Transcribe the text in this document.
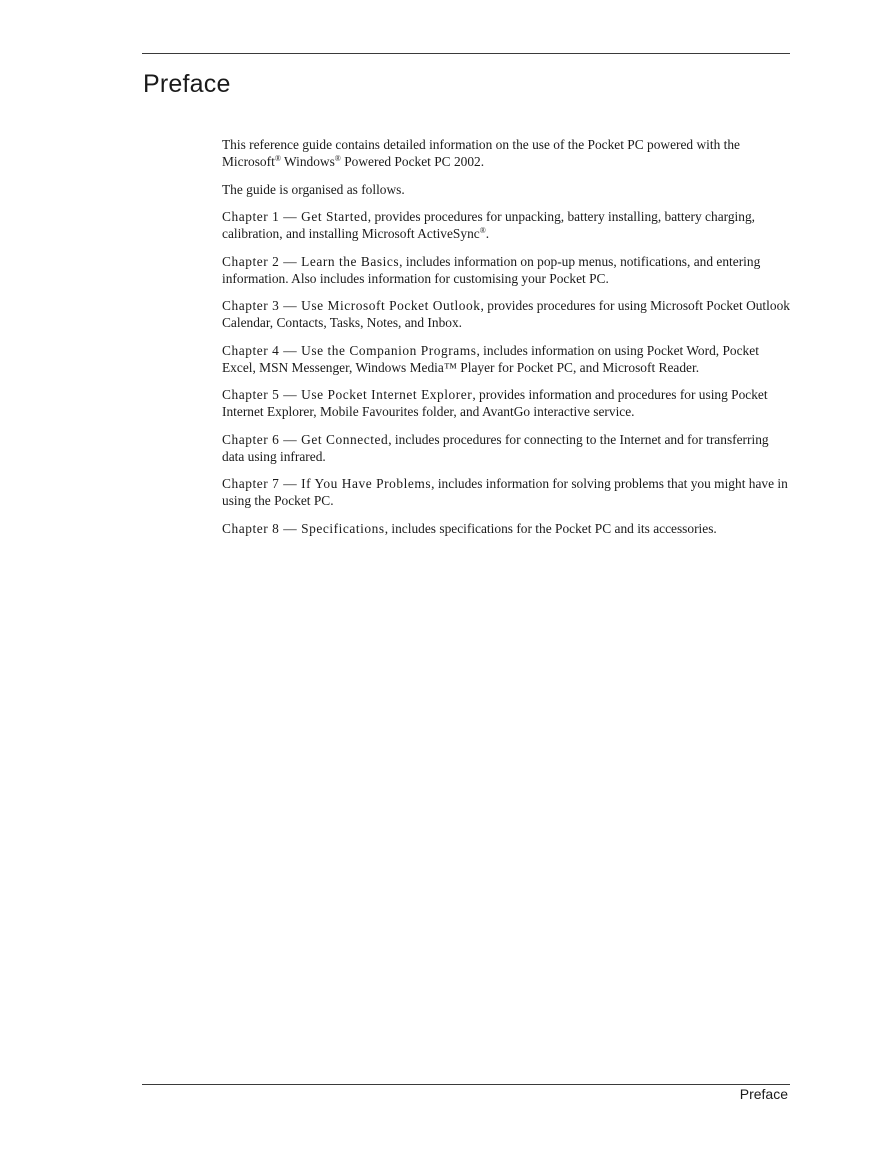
Preface

This reference guide contains detailed information on the use of the Pocket PC powered with the Microsoft® Windows® Powered Pocket PC 2002.

The guide is organised as follows.

Chapter 1 — Get Started, provides procedures for unpacking, battery installing, battery charging, calibration, and installing Microsoft ActiveSync®.

Chapter 2 — Learn the Basics, includes information on pop-up menus, notifications, and entering information. Also includes information for customising your Pocket PC.

Chapter 3 — Use Microsoft Pocket Outlook, provides procedures for using Microsoft Pocket Outlook Calendar, Contacts, Tasks, Notes, and Inbox.

Chapter 4 — Use the Companion Programs, includes information on using Pocket Word, Pocket Excel, MSN Messenger, Windows Media™ Player for Pocket PC, and Microsoft Reader.

Chapter 5 — Use Pocket Internet Explorer, provides information and procedures for using Pocket Internet Explorer, Mobile Favourites folder, and AvantGo interactive service.

Chapter 6 — Get Connected, includes procedures for connecting to the Internet and for transferring data using infrared.

Chapter 7 — If You Have Problems, includes information for solving problems that you might have in using the Pocket PC.

Chapter 8 — Specifications, includes specifications for the Pocket PC and its accessories.

Preface
